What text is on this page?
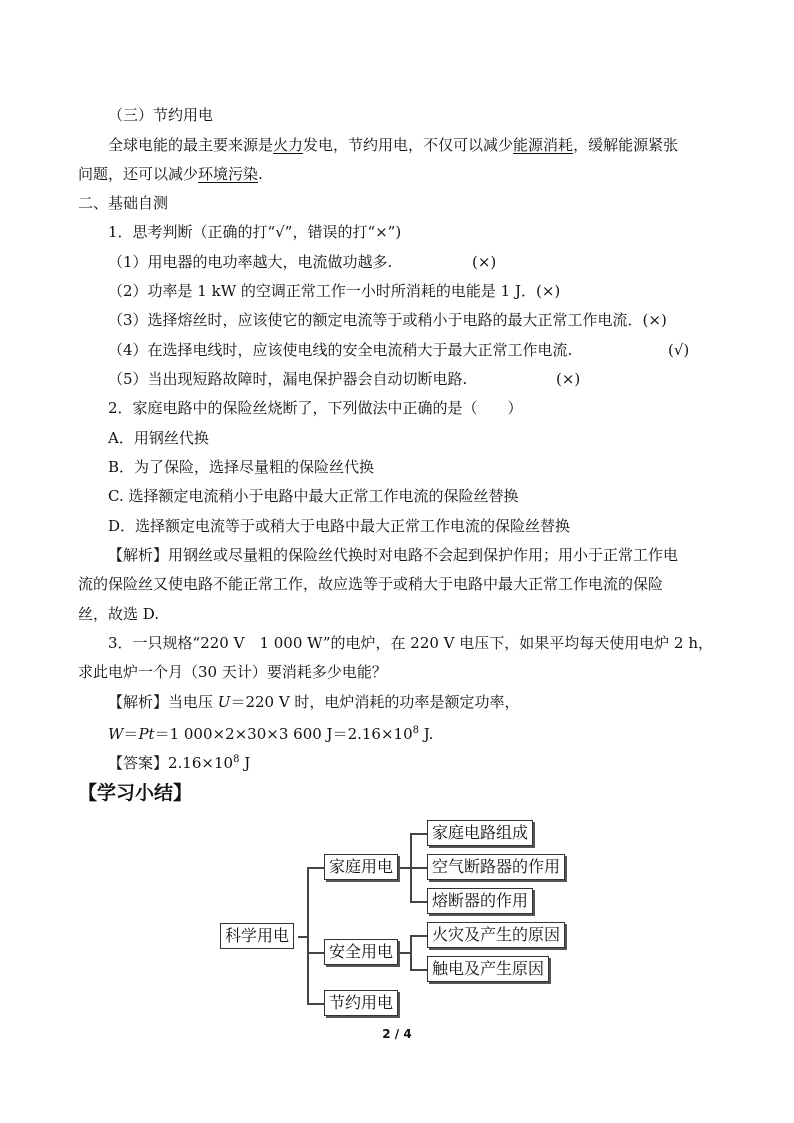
（三）节约用电
全球电能的最主要来源是火力发电，节约用电，不仅可以减少能源消耗，缓解能源紧张
问题，还可以减少环境污染.
二、基础自测
1．思考判断（正确的打“√”，错误的打“×”)
（1）用电器的电功率越大，电流做功越多.	(×)
（2）功率是 1 kW 的空调正常工作一小时所消耗的电能是 1 J．(×)
（3）选择熔丝时，应该使它的额定电流等于或稍小于电路的最大正常工作电流．(×)
（4）在选择电线时，应该使电线的安全电流稍大于最大正常工作电流.	(√)
（5）当出现短路故障时，漏电保护器会自动切断电路.	(×)
2．家庭电路中的保险丝烧断了，下列做法中正确的是（　　）
A．用钢丝代换
B．为了保险，选择尽量粗的保险丝代换
C. 选择额定电流稍小于电路中最大正常工作电流的保险丝替换
D．选择额定电流等于或稍大于电路中最大正常工作电流的保险丝替换
【解析】用钢丝或尽量粗的保险丝代换时对电路不会起到保护作用；用小于正常工作电
流的保险丝又使电路不能正常工作，故应选等于或稍大于电路中最大正常工作电流的保险
丝，故选 D.
3．一只规格“220 V　1 000 W”的电炉，在 220 V 电压下，如果平均每天使用电炉 2 h，
求此电炉一个月（30 天计）要消耗多少电能？
【解析】当电压 U＝220 V 时，电炉消耗的功率是额定功率，
W＝Pt＝1 000×2×30×3 600 $J=2.16\times 10^8$ J.
【答案】$2.16\times 10^8$ J
【学习小结】
科学用电
家庭用电
安全用电
节约用电
家庭电路组成
空气断路器的作用
熔断器的作用
火灾及产生的原因
触电及产生原因
2 / 4
